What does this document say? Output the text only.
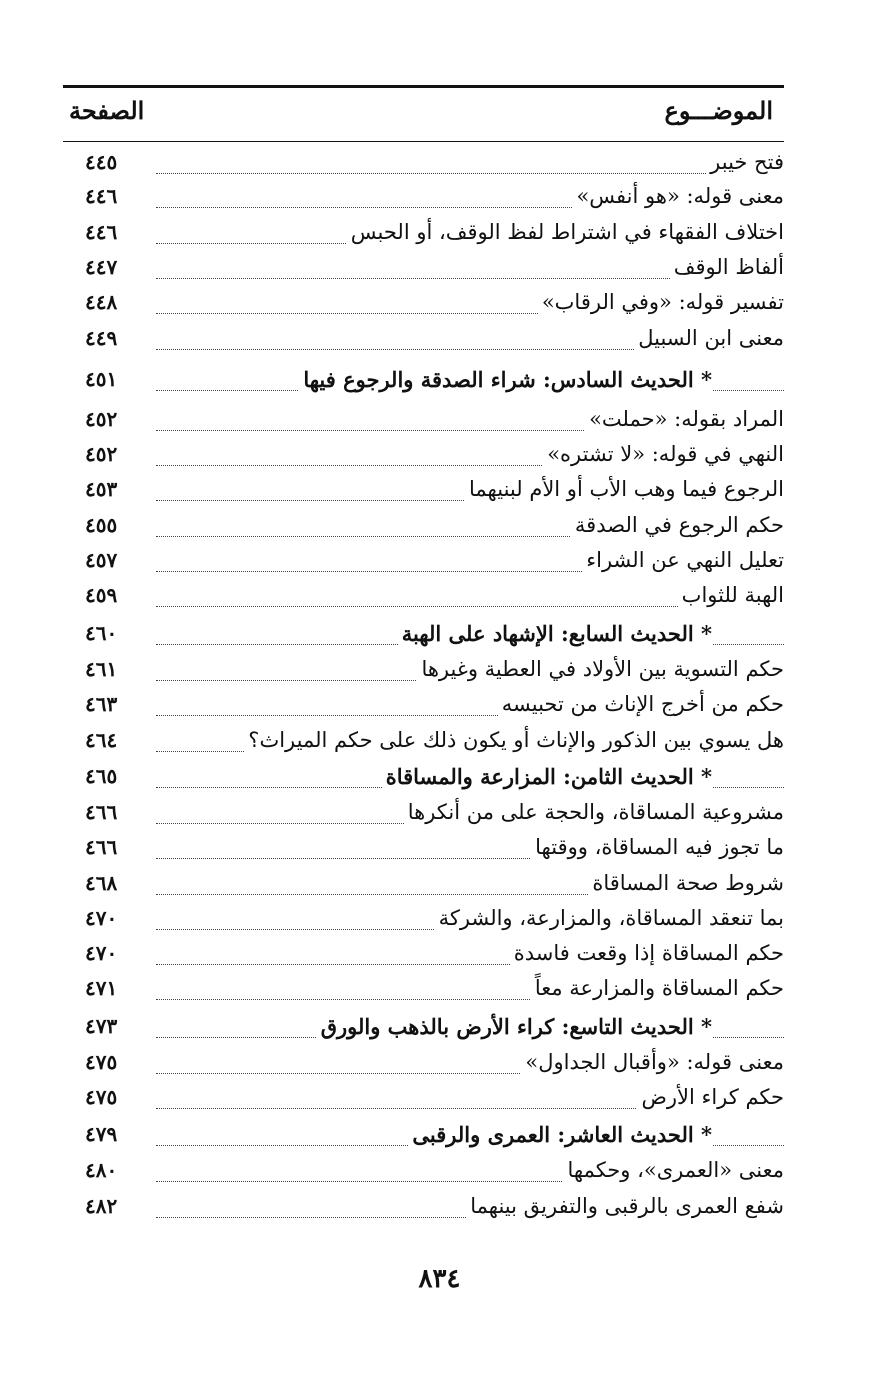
الموضـــوع
الصفحة
فتح خيبر
٤٤٥
معنى قوله: «هو أنفس»
٤٤٦
اختلاف الفقهاء في اشتراط لفظ الوقف، أو الحبس
٤٤٦
ألفاظ الوقف
٤٤٧
تفسير قوله: «وفي الرقاب»
٤٤٨
معنى ابن السبيل
٤٤٩
* الحديث السادس: شراء الصدقة والرجوع فيها
٤٥١
المراد بقوله: «حملت»
٤٥٢
النهي في قوله: «لا تشتره»
٤٥٢
الرجوع فيما وهب الأب أو الأم لبنيهما
٤٥٣
حكم الرجوع في الصدقة
٤٥٥
تعليل النهي عن الشراء
٤٥٧
الهبة للثواب
٤٥٩
* الحديث السابع: الإشهاد على الهبة
٤٦٠
حكم التسوية بين الأولاد في العطية وغيرها
٤٦١
حكم من أخرج الإناث من تحبيسه
٤٦٣
هل يسوي بين الذكور والإناث أو يكون ذلك على حكم الميراث؟
٤٦٤
* الحديث الثامن: المزارعة والمساقاة
٤٦٥
مشروعية المساقاة، والحجة على من أنكرها
٤٦٦
ما تجوز فيه المساقاة، ووقتها
٤٦٦
شروط صحة المساقاة
٤٦٨
بما تنعقد المساقاة، والمزارعة، والشركة
٤٧٠
حكم المساقاة إذا وقعت فاسدة
٤٧٠
حكم المساقاة والمزارعة معاً
٤٧١
* الحديث التاسع: كراء الأرض بالذهب والورق
٤٧٣
معنى قوله: «وأقبال الجداول»
٤٧٥
حكم كراء الأرض
٤٧٥
* الحديث العاشر: العمرى والرقبى
٤٧٩
معنى «العمرى»، وحكمها
٤٨٠
شفع العمرى بالرقبى والتفريق بينهما
٤٨٢
٨٣٤
